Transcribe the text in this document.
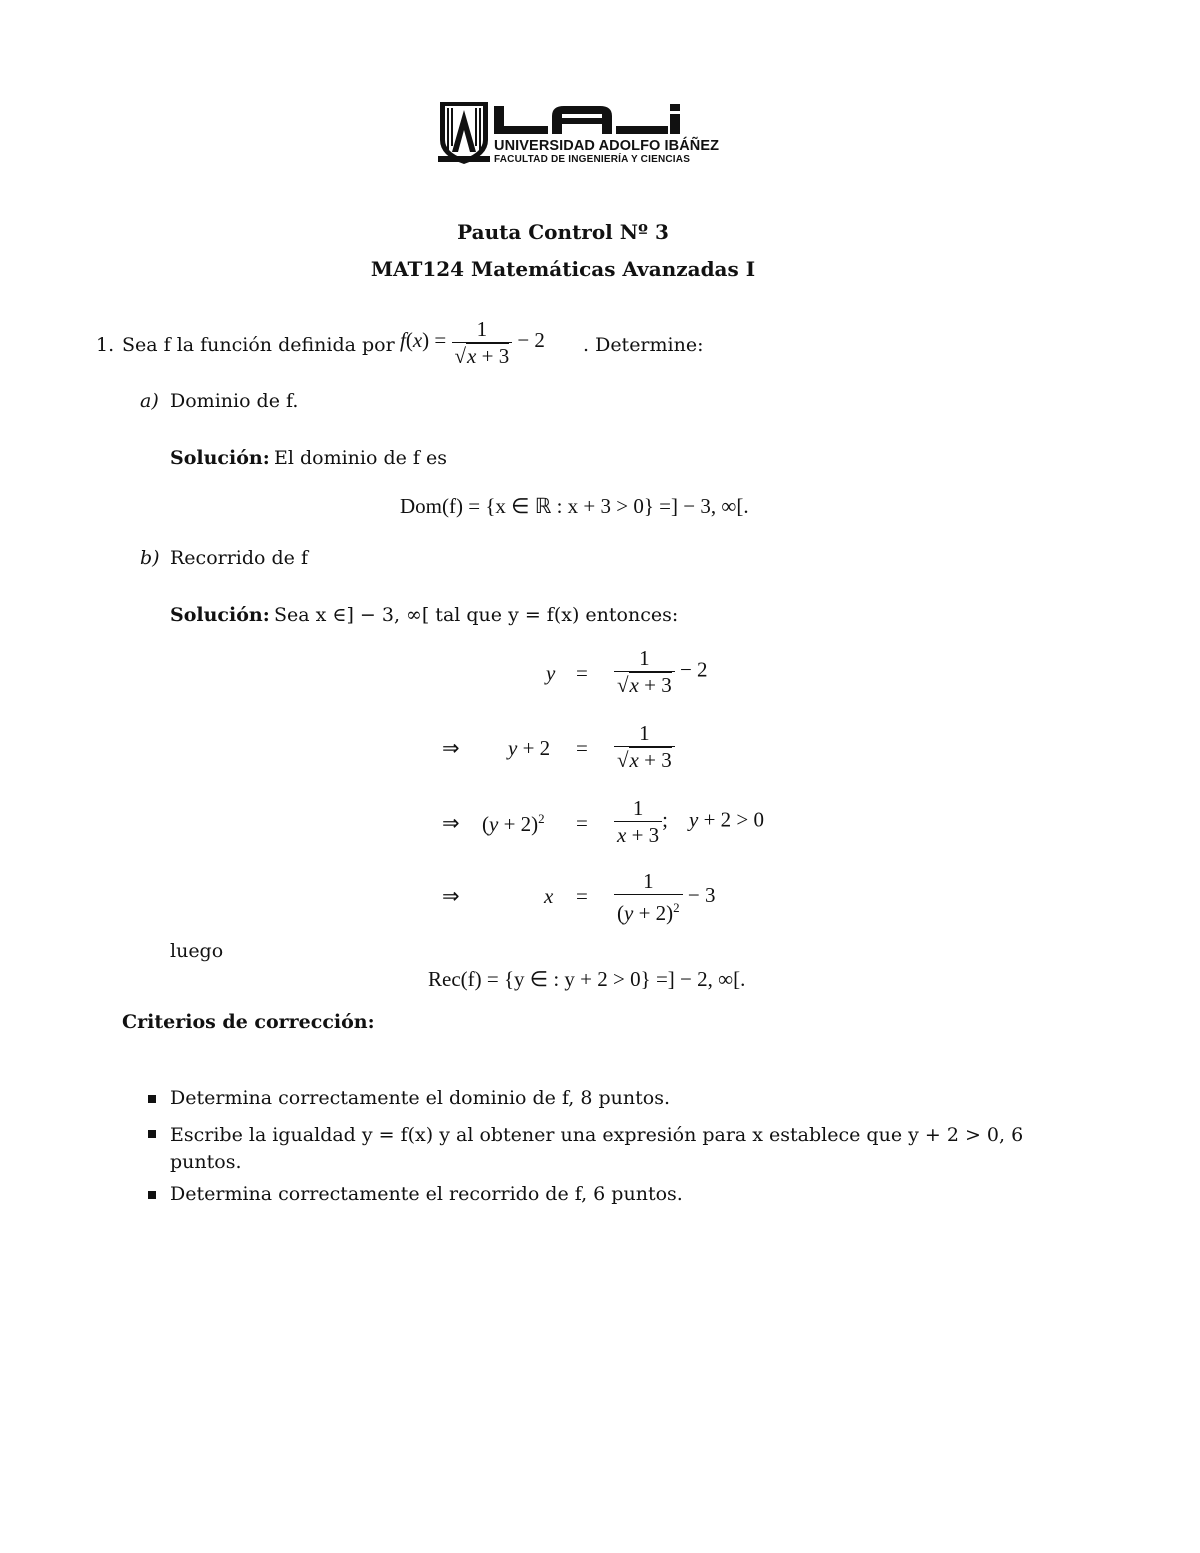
UNIVERSIDAD ADOLFO IBÁÑEZ
FACULTAD DE INGENIERÍA Y CIENCIAS
Pauta Control Nº 3
MAT124 Matemáticas Avanzadas I
1. Sea f la función definida por $f(x) = \frac{1}{√x + 3} - 2$ . Determine:
a) Dominio de f.
Solución: El dominio de f es
Dom(f) = {x ∈ ℝ : x + 3 > 0} =] − 3, ∞[.
b) Recorrido de f
Solución: Sea x ∈] − 3, ∞[ tal que y = f(x) entonces:
$y = \frac{1}{√x + 3} - 2$
⇒ $y + 2 = \frac{1}{√x + 3}$
⇒ $(y + 2)^2 = \frac{1}{x + 3}$ ;    y + 2 > 0
⇒	$x = \frac{1}{(y + 2)^2} - 3$
luego
Rec(f) = {y ∈ : y + 2 > 0} =] − 2, ∞[.
Criterios de corrección:
Determina correctamente el dominio de f, 8 puntos.
Escribe la igualdad y = f(x) y al obtener una expresión para x establece que y + 2 > 0, 6 puntos.
Determina correctamente el recorrido de f, 6 puntos.
